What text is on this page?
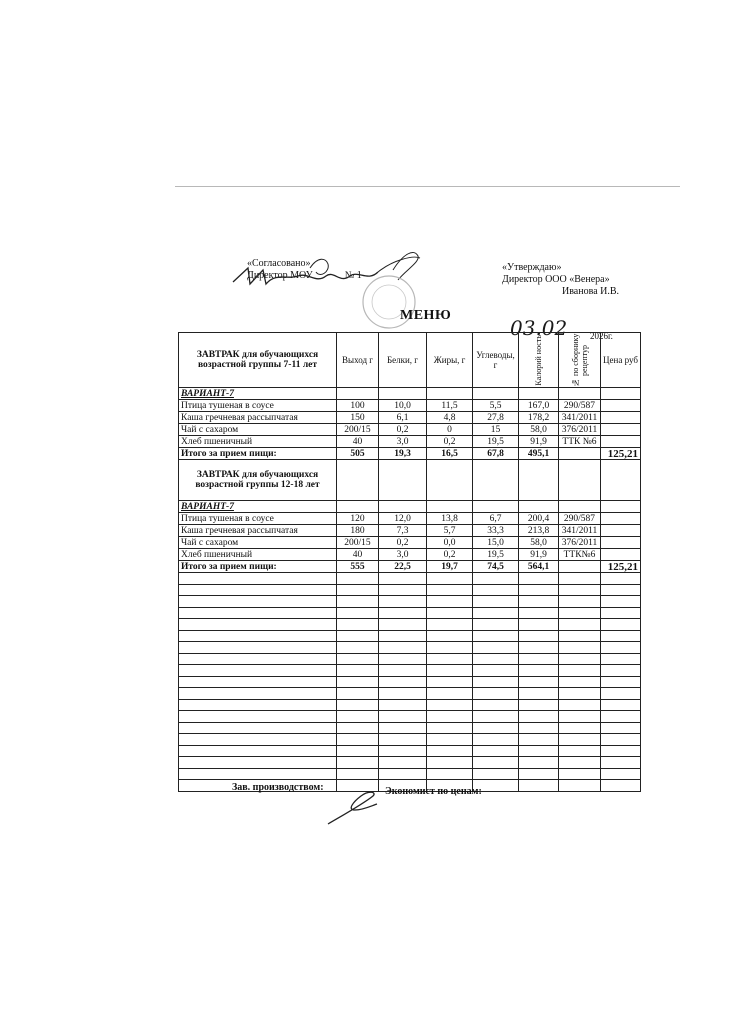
«Согласовано»
Директор МОУ	№ 1
«Утверждаю»
Директор ООО «Венера»
Иванова И.В.
МЕНЮ
03.02	2026г.
ЗАВТРАК для обучающихся возрастной группы 7-11 лет	Выход г	Белки, г	Жиры, г	Углеводы, г	Калорий ность	№ по сборнику рецептур	Цена руб
ВАРИАНТ-7							
Птица тушеная в соусе	100	10,0	11,5	5,5	167,0	290/587	
Каша гречневая рассыпчатая	150	6,1	4,8	27,8	178,2	341/2011	
Чай с сахаром	200/15	0,2	0	15	58,0	376/2011	
Хлеб пшеничный	40	3,0	0,2	19,5	91,9	ТТК №6	
Итого за прием пищи:	505	19,3	16,5	67,8	495,1		125,21
ЗАВТРАК для обучающихся возрастной группы 12-18 лет							
ВАРИАНТ-7							
Птица тушеная в соусе	120	12,0	13,8	6,7	200,4	290/587	
Каша гречневая рассыпчатая	180	7,3	5,7	33,3	213,8	341/2011	
Чай с сахаром	200/15	0,2	0,0	15,0	58,0	376/2011	
Хлеб пшеничный	40	3,0	0,2	19,5	91,9	ТТК№6	
Итого за прием пищи:	555	22,5	19,7	74,5	564,1		125,21

Зав. производством:	Экономист по ценам:
